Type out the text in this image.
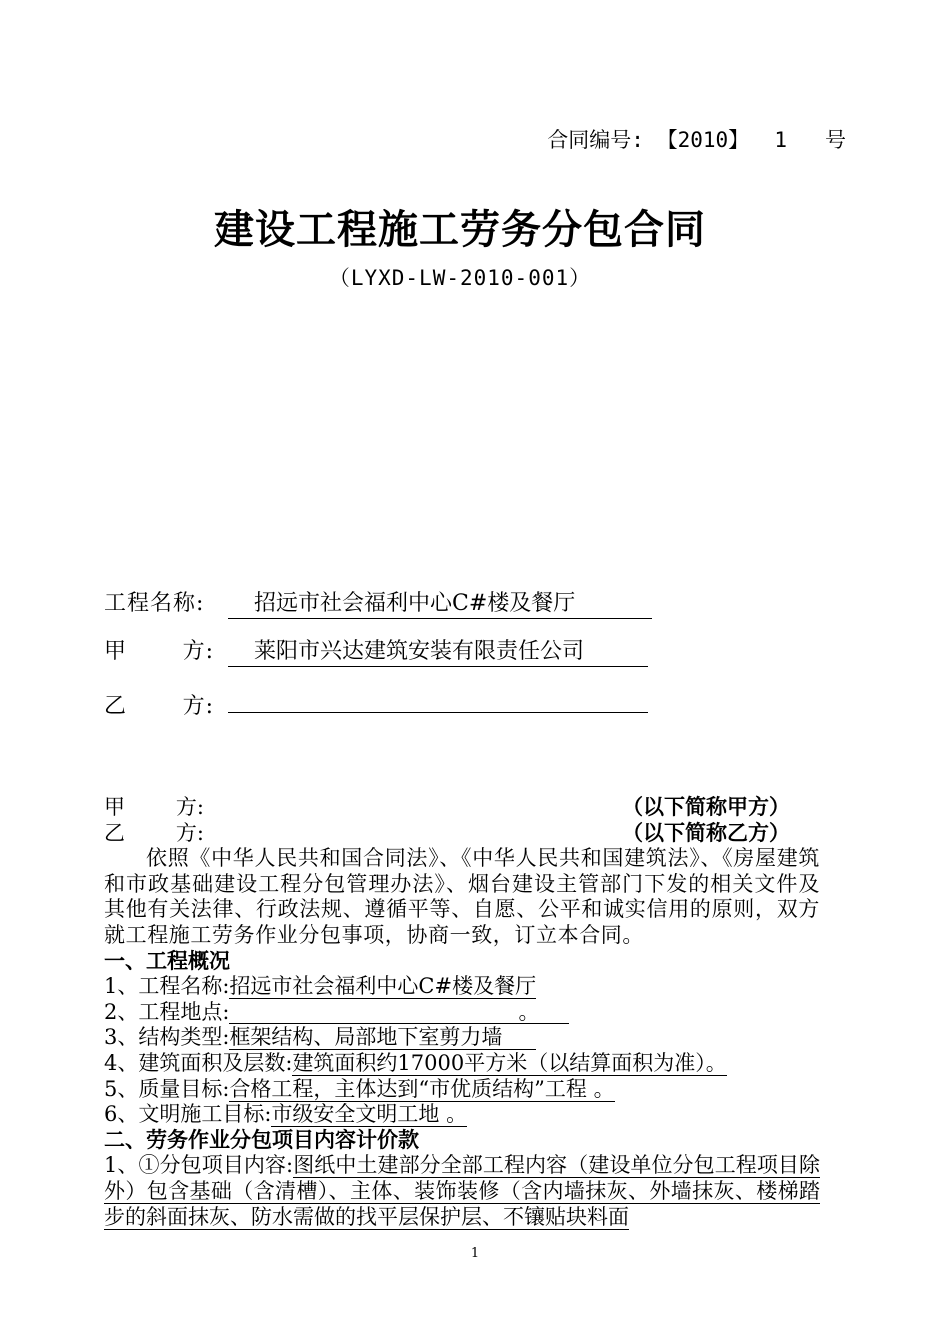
合同编号: 【2010】  1   号
建设工程施工劳务分包合同
（LYXD-LW-2010-001）
工程名称:	招远市社会福利中心C#楼及餐厅
甲	方:	莱阳市兴达建筑安装有限责任公司
乙	方:
甲 方:	（以下简称甲方）
乙 方:	（以下简称乙方）
依照《中华人民共和国合同法》、《中华人民共和国建筑法》、《房屋建筑和市政基础建设工程分包管理办法》、烟台建设主管部门下发的相关文件及其他有关法律、行政法规、遵循平等、自愿、公平和诚实信用的原则，双方就工程施工劳务作业分包事项，协商一致，订立本合同。
一、工程概况
1、工程名称:招远市社会福利中心C#楼及餐厅
2、工程地点:	。
3、结构类型:框架结构、局部地下室剪力墙
4、建筑面积及层数:建筑面积约17000平方米（以结算面积为准）。
5、质量目标:合格工程，主体达到“市优质结构”工程 。
6、文明施工目标:市级安全文明工地 。
二、劳务作业分包项目内容计价款
1、①分包项目内容:图纸中土建部分全部工程内容（建设单位分包工程项目除外）包含基础（含清槽）、主体、装饰装修（含内墙抹灰、外墙抹灰、楼梯踏步的斜面抹灰、防水需做的找平层保护层、不镶贴块料面
1
